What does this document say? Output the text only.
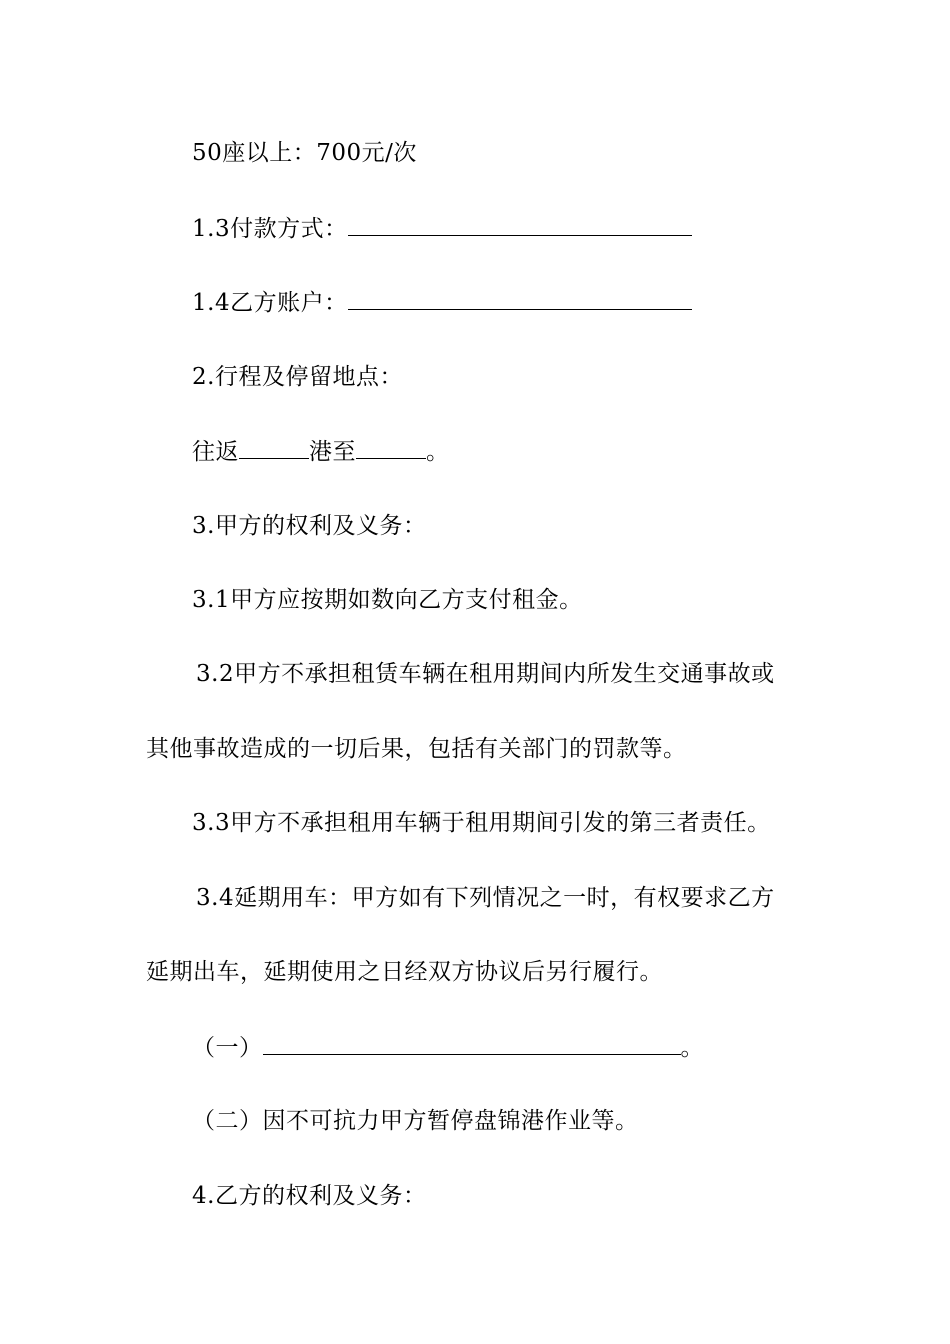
50座以上：700元/次
1.3付款方式：
1.4乙方账户：
2.行程及停留地点：
往返	港至	。
3.甲方的权利及义务：
3.1甲方应按期如数向乙方支付租金。
3.2甲方不承担租赁车辆在租用期间内所发生交通事故或
其他事故造成的一切后果，包括有关部门的罚款等。
3.3甲方不承担租用车辆于租用期间引发的第三者责任。
3.4延期用车：甲方如有下列情况之一时，有权要求乙方
延期出车，延期使用之日经双方协议后另行履行。
（一）	。
（二）因不可抗力甲方暂停盘锦港作业等。
4.乙方的权利及义务：
